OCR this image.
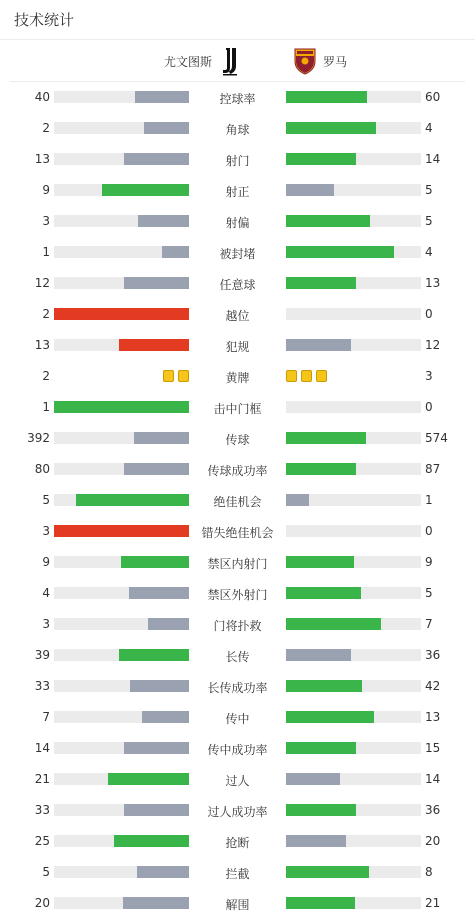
技术统计
尤文图斯	罗马
40	控球率	60
2	角球	4
13	射门	14
9	射正	5
3	射偏	5
1	被封堵	4
12	任意球	13
2	越位	0
13	犯规	12
2	黄牌	3
1	击中门框	0
392	传球	574
80	传球成功率	87
5	绝佳机会	1
3	错失绝佳机会	0
9	禁区内射门	9
4	禁区外射门	5
3	门将扑救	7
39	长传	36
33	长传成功率	42
7	传中	13
14	传中成功率	15
21	过人	14
33	过人成功率	36
25	抢断	20
5	拦截	8
20	解围	21
